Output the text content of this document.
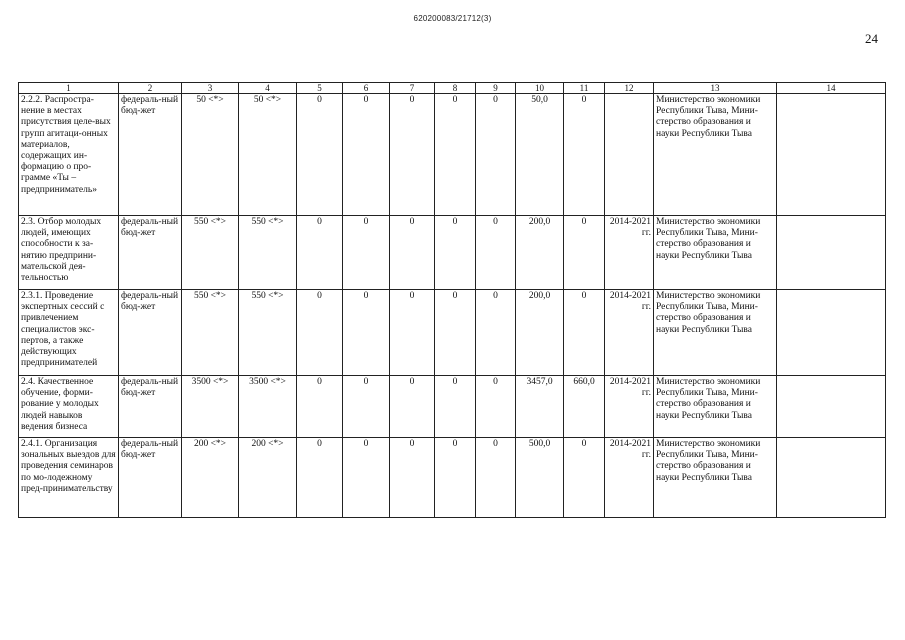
620200083/21712(3)
24
1	2	3	4	5	6	7	8	9	10	11	12	13	14
2.2.2. Распростра-нение в местах присутствия целе-вых групп агитаци-онных материалов, содержащих ин-формацию о про-грамме «Ты – предприниматель»	федераль-ный бюд-жет	50 <*>	50 <*>	0	0	0	0	0	50,0	0		Министерство экономики Республики Тыва, Мини-стерство образования и науки Республики Тыва	
2.3. Отбор молодых людей, имеющих способности к за-нятию предприни-мательской дея-тельностью	федераль-ный бюд-жет	550 <*>	550 <*>	0	0	0	0	0	200,0	0	2014-2021 гг.	Министерство экономики Республики Тыва, Мини-стерство образования и науки Республики Тыва	
2.3.1. Проведение экспертных сессий с привлечением специалистов экс-пертов, а также действующих предпринимателей	федераль-ный бюд-жет	550 <*>	550 <*>	0	0	0	0	0	200,0	0	2014-2021 гг.	Министерство экономики Республики Тыва, Мини-стерство образования и науки Республики Тыва	
2.4. Качественное обучение, форми-рование у молодых людей навыков ведения бизнеса	федераль-ный бюд-жет	3500 <*>	3500 <*>	0	0	0	0	0	3457,0	660,0	2014-2021 гг.	Министерство экономики Республики Тыва, Мини-стерство образования и науки Республики Тыва	
2.4.1. Организация зональных выездов для проведения семинаров по мо-лодежному пред-принимательству	федераль-ный бюд-жет	200 <*>	200 <*>	0	0	0	0	0	500,0	0	2014-2021 гг.	Министерство экономики Республики Тыва, Мини-стерство образования и науки Республики Тыва	
